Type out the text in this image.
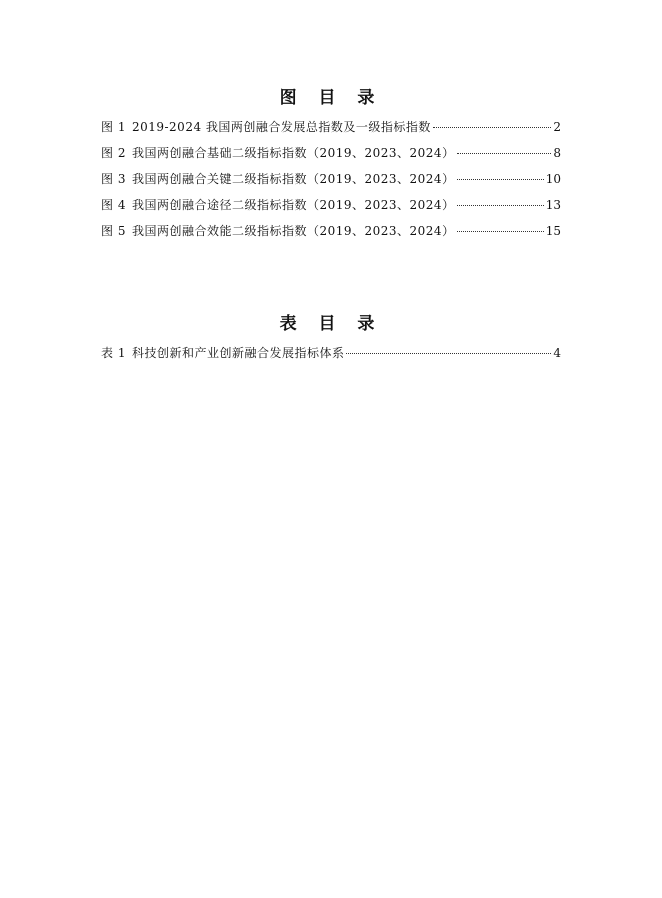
图 目 录
图 1 2019-2024 我国两创融合发展总指数及一级指标指数	2
图 2 我国两创融合基础二级指标指数（2019、2023、2024）	8
图 3 我国两创融合关键二级指标指数（2019、2023、2024）	10
图 4 我国两创融合途径二级指标指数（2019、2023、2024）	13
图 5 我国两创融合效能二级指标指数（2019、2023、2024）	15
表 目 录
表 1 科技创新和产业创新融合发展指标体系	4
